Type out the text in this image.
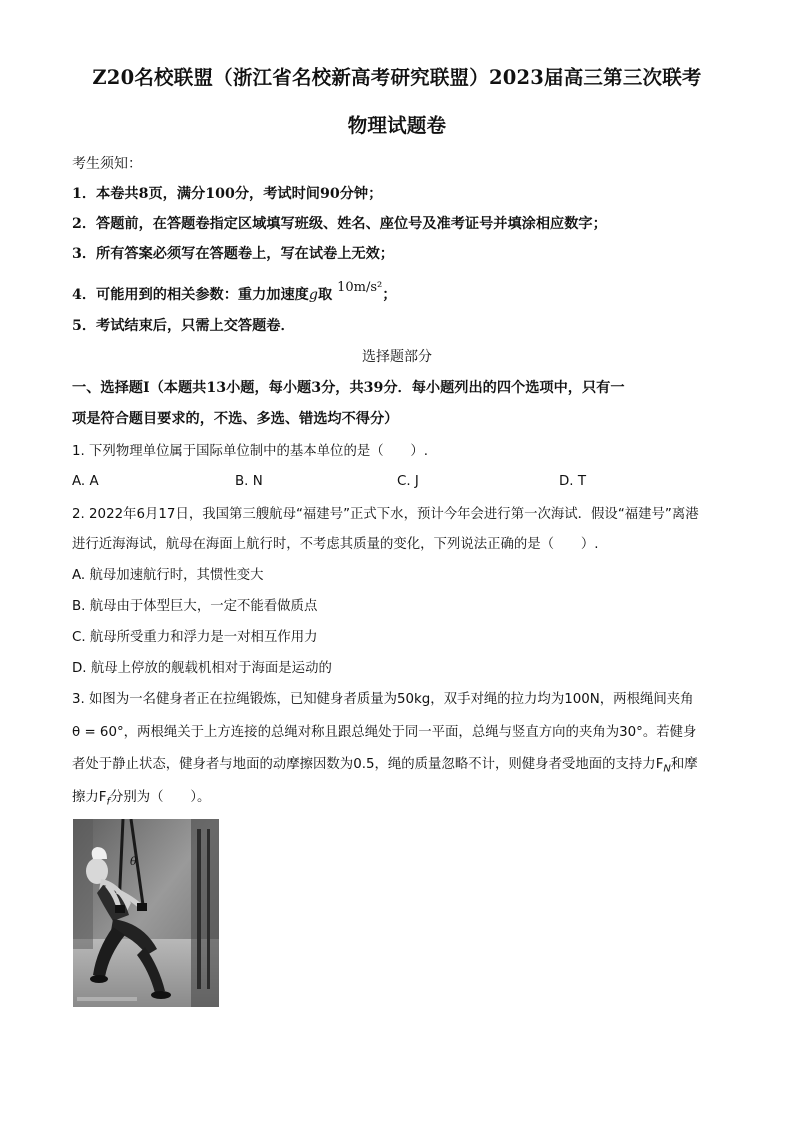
Z20名校联盟（浙江省名校新高考研究联盟）2023届高三第三次联考
物理试题卷
考生须知：
1．本卷共8页，满分100分，考试时间90分钟；
2．答题前，在答题卷指定区域填写班级、姓名、座位号及准考证号并填涂相应数字；
3．所有答案必须写在答题卷上，写在试卷上无效；
4．可能用到的相关参数：重力加速度g取 10m/s²；
5．考试结束后，只需上交答题卷．
选择题部分
一、选择题Ⅰ（本题共13小题，每小题3分，共39分．每小题列出的四个选项中，只有一
项是符合题目要求的，不选、多选、错选均不得分）
1. 下列物理单位属于国际单位制中的基本单位的是（　　）.
A. A	B. N	C. J	D. T
2. 2022年6月17日，我国第三艘航母“福建号”正式下水，预计今年会进行第一次海试．假设“福建号”离港
进行近海海试，航母在海面上航行时，不考虑其质量的变化，下列说法正确的是（　　）.
A. 航母加速航行时，其惯性变大
B. 航母由于体型巨大，一定不能看做质点
C. 航母所受重力和浮力是一对相互作用力
D. 航母上停放的舰载机相对于海面是运动的
3. 如图为一名健身者正在拉绳锻炼，已知健身者质量为50kg，双手对绳的拉力均为100N，两根绳间夹角
θ = 60°，两根绳关于上方连接的总绳对称且跟总绳处于同一平面，总绳与竖直方向的夹角为30°。若健身
者处于静止状态，健身者与地面的动摩擦因数为0.5，绳的质量忽略不计，则健身者受地面的支持力$F_N$和摩
擦力$F_f$分别为（　　）。
θ
